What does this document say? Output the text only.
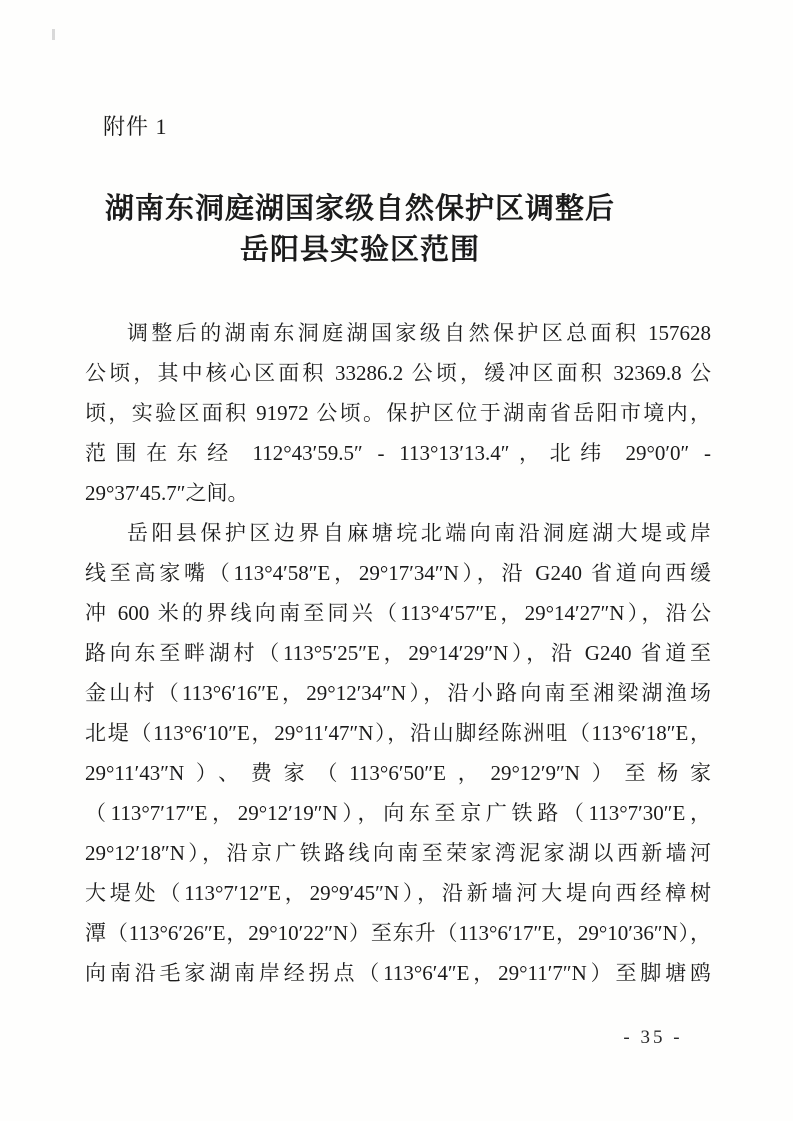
附件 1
湖南东洞庭湖国家级自然保护区调整后
岳阳县实验区范围
调整后的湖南东洞庭湖国家级自然保护区总面积 157628
公顷，其中核心区面积 33286.2 公顷，缓冲区面积 32369.8 公
顷，实验区面积 91972 公顷。保护区位于湖南省岳阳市境内，
范围在东经 112°43′59.5″ - 113°13′13.4″，北纬 29°0′0″ -
29°37′45.7″之间。
岳阳县保护区边界自麻塘垸北端向南沿洞庭湖大堤或岸
线至高家嘴（113°4′58″E，29°17′34″N），沿 G240 省道向西缓
冲 600 米的界线向南至同兴（113°4′57″E，29°14′27″N），沿公
路向东至畔湖村（113°5′25″E，29°14′29″N），沿 G240 省道至
金山村（113°6′16″E，29°12′34″N），沿小路向南至湘梁湖渔场
北堤（113°6′10″E，29°11′47″N），沿山脚经陈洲咀（113°6′18″E，
29°11′43″N）、费家（113°6′50″E，29°12′9″N）至杨家
（113°7′17″E，29°12′19″N），向东至京广铁路（113°7′30″E，
29°12′18″N），沿京广铁路线向南至荣家湾泥家湖以西新墙河
大堤处（113°7′12″E，29°9′45″N），沿新墙河大堤向西经樟树
潭（113°6′26″E，29°10′22″N）至东升（113°6′17″E，29°10′36″N），
向南沿毛家湖南岸经拐点（113°6′4″E，29°11′7″N）至脚塘鸥
- 35 -
